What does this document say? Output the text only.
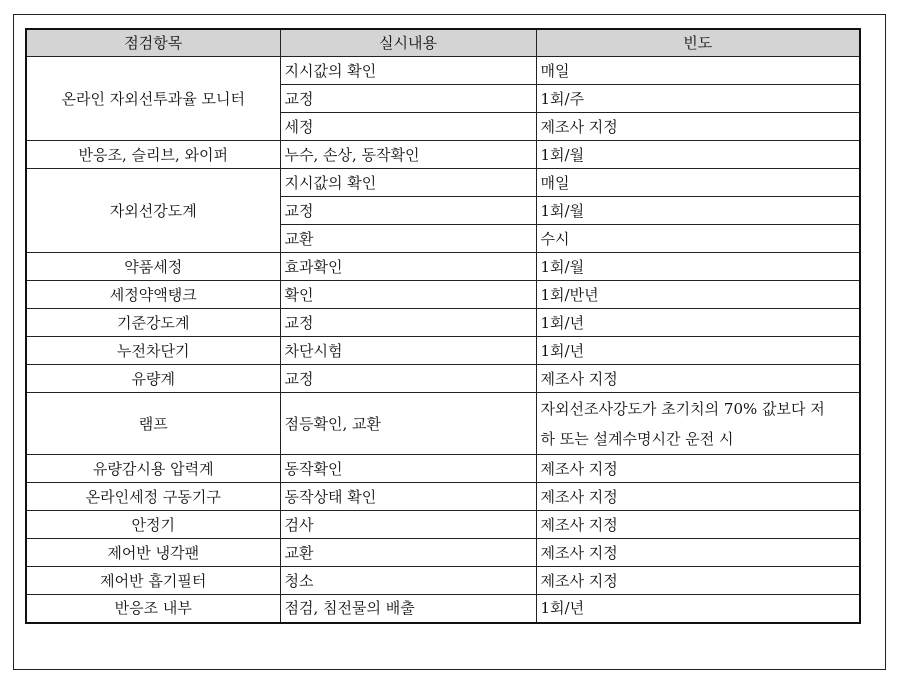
점검항목	실시내용	빈도
온라인 자외선투과율 모니터	지시값의 확인	매일
	교정	1회/주
	세정	제조사 지정
반응조, 슬리브, 와이퍼	누수, 손상, 동작확인	1회/월
자외선강도계	지시값의 확인	매일
	교정	1회/월
	교환	수시
약품세정	효과확인	1회/월
세정약액탱크	확인	1회/반년
기준강도계	교정	1회/년
누전차단기	차단시험	1회/년
유량계	교정	제조사 지정
램프	점등확인, 교환	자외선조사강도가 초기치의 70% 값보다 저
하 또는 설계수명시간 운전 시

유량감시용 압력계	동작확인	제조사 지정
온라인세정 구동기구	동작상태 확인	제조사 지정
안정기	검사	제조사 지정
제어반 냉각팬	교환	제조사 지정
제어반 흡기필터	청소	제조사 지정
반응조 내부	점검, 침전물의 배출	1회/년
